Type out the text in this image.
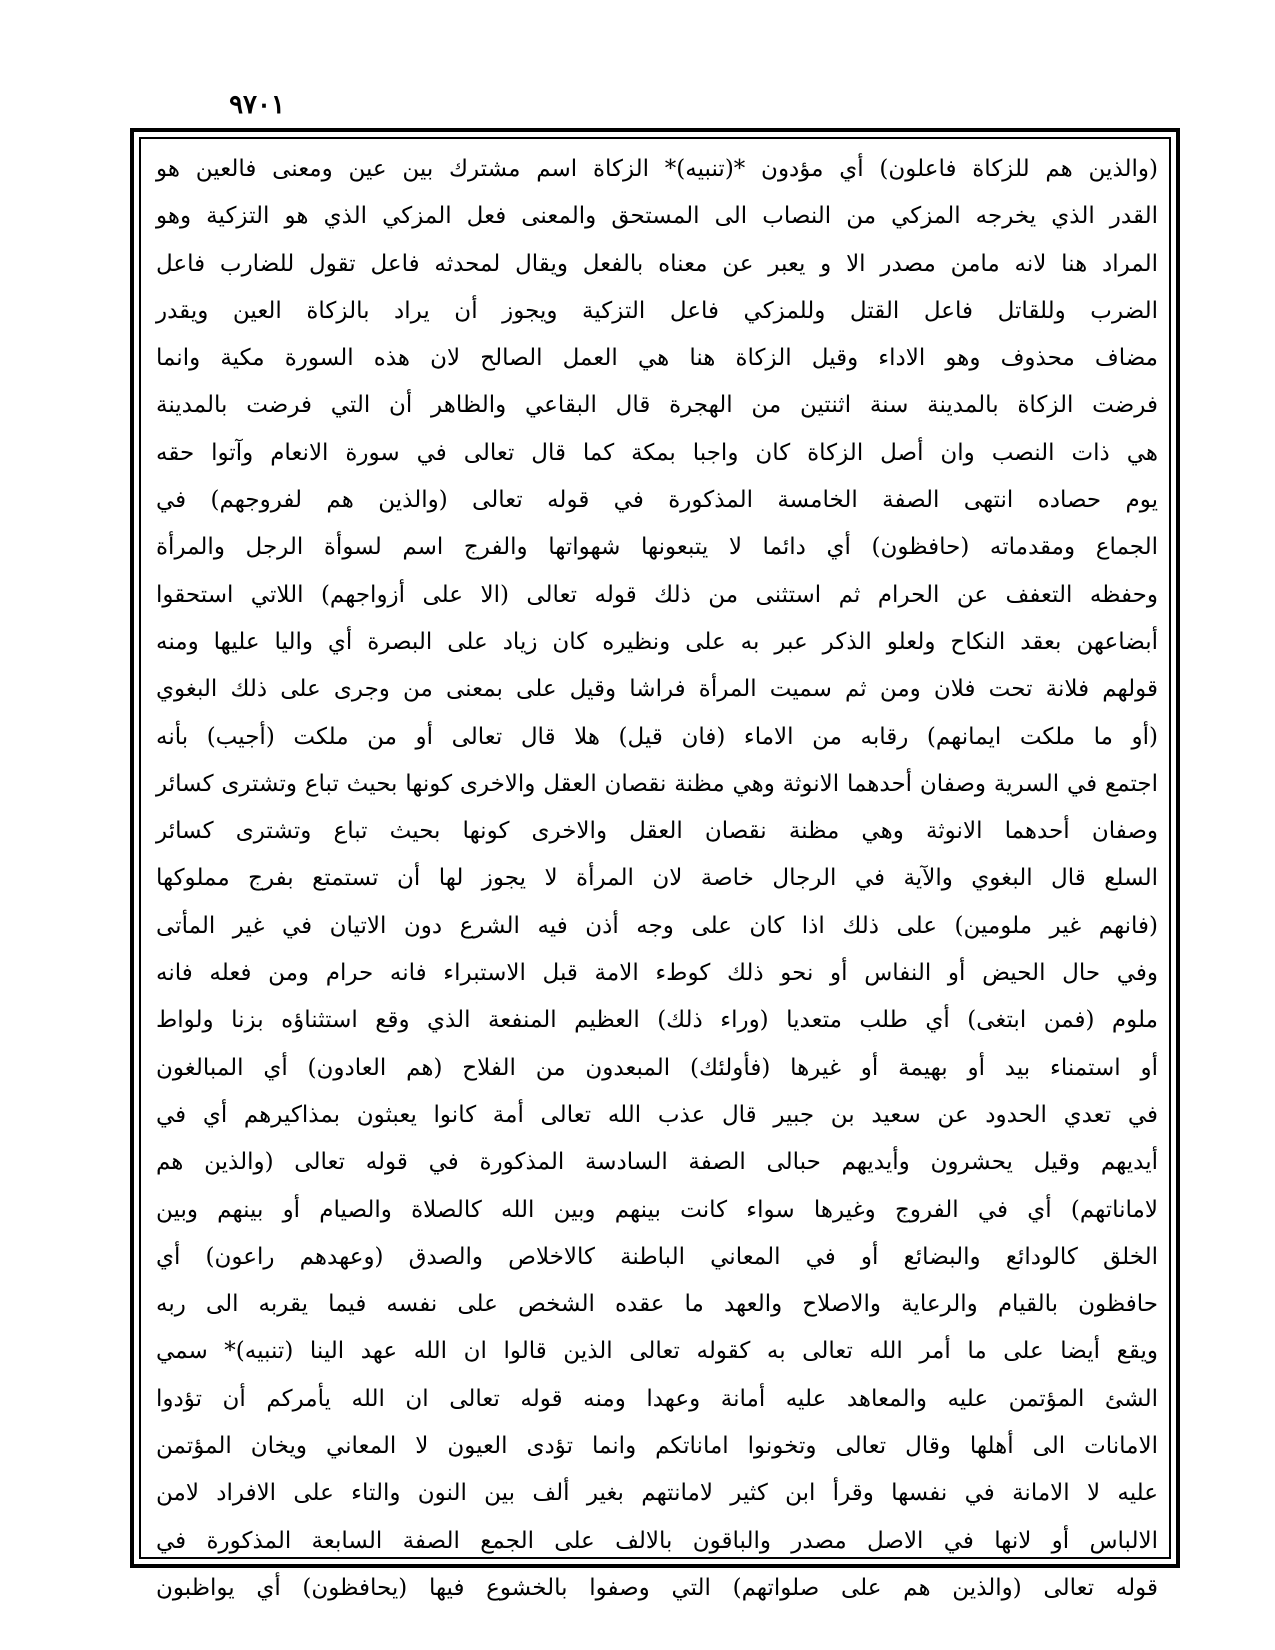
٩٧٠١
(والذين هم للزكاة فاعلون) أي مؤدون *(تنبيه)* الزكاة اسم مشترك بين عين ومعنى فالعين هو
القدر الذي يخرجه المزكي من النصاب الى المستحق والمعنى فعل المزكي الذي هو التزكية وهو
المراد هنا لانه مامن مصدر الا و يعبر عن معناه بالفعل ويقال لمحدثه فاعل تقول للضارب فاعل
الضرب وللقاتل فاعل القتل وللمزكي فاعل التزكية ويجوز أن يراد بالزكاة العين ويقدر
مضاف محذوف وهو الاداء وقيل الزكاة هنا هي العمل الصالح لان هذه السورة مكية وانما
فرضت الزكاة بالمدينة سنة اثنتين من الهجرة قال البقاعي والظاهر أن التي فرضت بالمدينة
هي ذات النصب وان أصل الزكاة كان واجبا بمكة كما قال تعالى في سورة الانعام وآتوا حقه
يوم حصاده انتهى الصفة الخامسة المذكورة في قوله تعالى (والذين هم لفروجهم) في
الجماع ومقدماته (حافظون) أي دائما لا يتبعونها شهواتها والفرج اسم لسوأة الرجل والمرأة
وحفظه التعفف عن الحرام ثم استثنى من ذلك قوله تعالى (الا على أزواجهم) اللاتي استحقوا
أبضاعهن بعقد النكاح ولعلو الذكر عبر به على ونظيره كان زياد على البصرة أي واليا عليها ومنه
قولهم فلانة تحت فلان ومن ثم سميت المرأة فراشا وقيل على بمعنى من وجرى على ذلك البغوي
(أو ما ملكت ايمانهم) رقابه من الاماء (فان قيل) هلا قال تعالى أو من ملكت (أجيب) بأنه
اجتمع في السرية وصفان أحدهما الانوثة وهي مظنة نقصان العقل والاخرى كونها بحيث تباع وتشترى كسائر
وصفان أحدهما الانوثة وهي مظنة نقصان العقل والاخرى كونها بحيث تباع وتشترى كسائر
السلع قال البغوي والآية في الرجال خاصة لان المرأة لا يجوز لها أن تستمتع بفرج مملوكها
(فانهم غير ملومين) على ذلك اذا كان على وجه أذن فيه الشرع دون الاتيان في غير المأتى
وفي حال الحيض أو النفاس أو نحو ذلك كوطء الامة قبل الاستبراء فانه حرام ومن فعله فانه
ملوم (فمن ابتغى) أي طلب متعديا (وراء ذلك) العظيم المنفعة الذي وقع استثناؤه بزنا ولواط
أو استمناء بيد أو بهيمة أو غيرها (فأولئك) المبعدون من الفلاح (هم العادون) أي المبالغون
في تعدي الحدود عن سعيد بن جبير قال عذب الله تعالى أمة كانوا يعبثون بمذاكيرهم أي في
أيديهم وقيل يحشرون وأيديهم حبالى الصفة السادسة المذكورة في قوله تعالى (والذين هم
لاماناتهم) أي في الفروج وغيرها سواء كانت بينهم وبين الله كالصلاة والصيام أو بينهم وبين
الخلق كالودائع والبضائع أو في المعاني الباطنة كالاخلاص والصدق (وعهدهم راعون) أي
حافظون بالقيام والرعاية والاصلاح والعهد ما عقده الشخص على نفسه فيما يقربه الى ربه
ويقع أيضا على ما أمر الله تعالى به كقوله تعالى الذين قالوا ان الله عهد الينا (تنبيه)* سمي
الشئ المؤتمن عليه والمعاهد عليه أمانة وعهدا ومنه قوله تعالى ان الله يأمركم أن تؤدوا
الامانات الى أهلها وقال تعالى وتخونوا اماناتكم وانما تؤدى العيون لا المعاني ويخان المؤتمن
عليه لا الامانة في نفسها وقرأ ابن كثير لامانتهم بغير ألف بين النون والتاء على الافراد لامن
الالباس أو لانها في الاصل مصدر والباقون بالالف على الجمع الصفة السابعة المذكورة في
قوله تعالى (والذين هم على صلواتهم) التي وصفوا بالخشوع فيها (يحافظون) أي يواظبون
